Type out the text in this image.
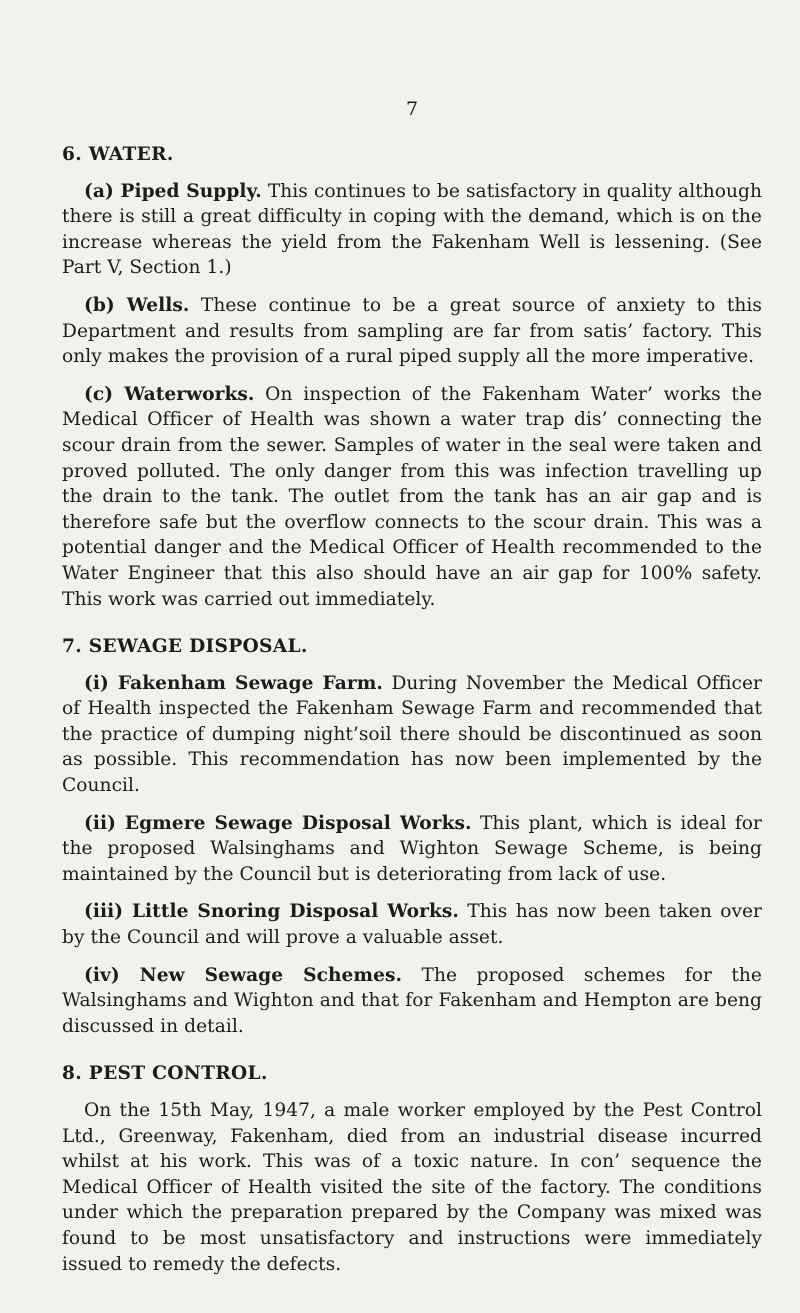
7
6. WATER.

(a) Piped Supply. This continues to be satisfactory in quality although there is still a great difficulty in coping with the demand, which is on the increase whereas the yield from the Fakenham Well is lessening. (See Part V, Section 1.)

(b) Wells. These continue to be a great source of anxiety to this Department and results from sampling are far from satis’ factory. This only makes the provision of a rural piped supply all the more imperative.

(c) Waterworks. On inspection of the Fakenham Water’ works the Medical Officer of Health was shown a water trap dis’ connecting the scour drain from the sewer. Samples of water in the seal were taken and proved polluted. The only danger from this was infection travelling up the drain to the tank. The outlet from the tank has an air gap and is therefore safe but the overflow connects to the scour drain. This was a potential danger and the Medical Officer of Health recommended to the Water Engineer that this also should have an air gap for 100% safety. This work was carried out immediately.

7. SEWAGE DISPOSAL.

(i) Fakenham Sewage Farm. During November the Medical Officer of Health inspected the Fakenham Sewage Farm and recommended that the practice of dumping night’soil there should be discontinued as soon as possible. This recommendation has now been implemented by the Council.

(ii) Egmere Sewage Disposal Works. This plant, which is ideal for the proposed Walsinghams and Wighton Sewage Scheme, is being maintained by the Council but is deteriorating from lack of use.

(iii) Little Snoring Disposal Works. This has now been taken over by the Council and will prove a valuable asset.

(iv) New Sewage Schemes. The proposed schemes for the Walsinghams and Wighton and that for Fakenham and Hempton are beng discussed in detail.

8. PEST CONTROL.

On the 15th May, 1947, a male worker employed by the Pest Control Ltd., Greenway, Fakenham, died from an industrial disease incurred whilst at his work. This was of a toxic nature. In con’ sequence the Medical Officer of Health visited the site of the factory. The conditions under which the preparation prepared by the Company was mixed was found to be most unsatisfactory and instructions were immediately issued to remedy the defects.
